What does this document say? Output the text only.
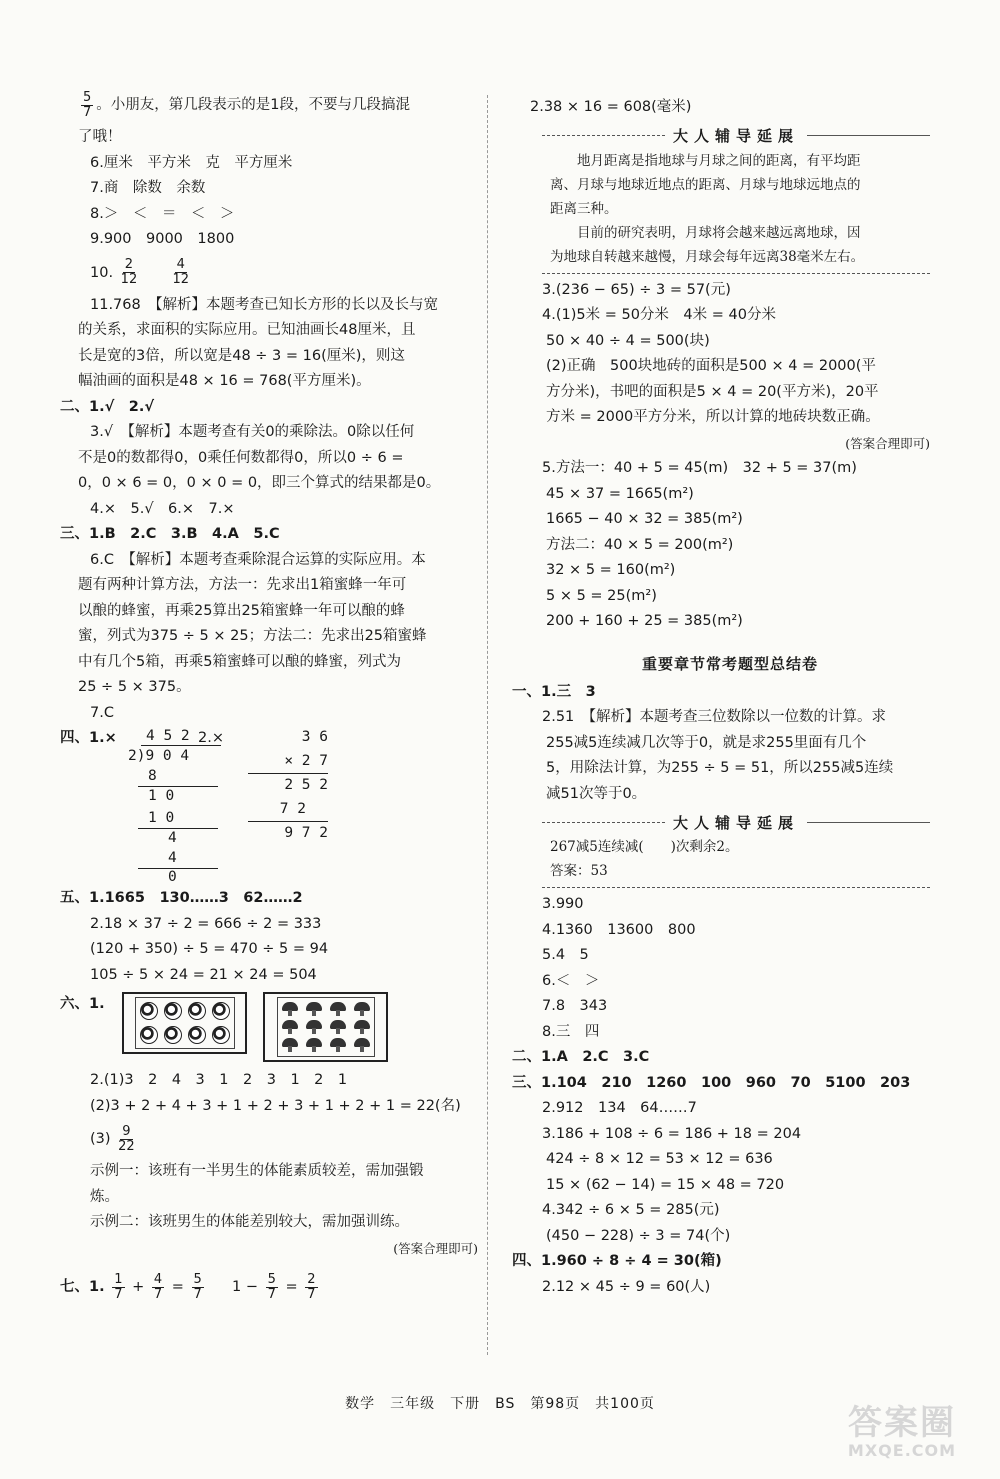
$\frac{5}{7}$ 。小朋友，第几段表示的是1段，不要与几段搞混
了哦！
6.厘米　平方米　克　平方厘米
7.商　除数　余数
8.＞　＜　＝　＜　＞
9.900　9000　1800
10. $\frac{2}{12}$
	$\frac{4}{12}$
11.768　【解析】本题考查已知长方形的长以及长与宽
的关系，求面积的实际应用。已知油画长48厘米，且
长是宽的3倍，所以宽是48 ÷ 3 = 16(厘米)，则这
幅油画的面积是48 × 16 = 768(平方厘米)。
二、1.√　2.√
3.√　【解析】本题考查有关0的乘除法。0除以任何
不是0的数都得0，0乘任何数都得0，所以0 ÷ 6 =
0，0 × 6 = 0，0 × 0 = 0，即三个算式的结果都是0。
4.×　5.√　6.×　7.×
三、1.B　2.C　3.B　4.A　5.C
6.C　【解析】本题考查乘除混合运算的实际应用。本
题有两种计算方法，方法一：先求出1箱蜜蜂一年可
以酿的蜂蜜，再乘25算出25箱蜜蜂一年可以酿的蜂
蜜，列式为375 ÷ 5 × 25；方法二：先求出25箱蜜蜂
中有几个5箱，再乘5箱蜜蜂可以酿的蜂蜜，列式为
25 ÷ 5 × 375。
7.C
四、1.×	2.×
4 5 2
2)9 0 4
8
1 0
1 0
4
4
0
3 6
× 2 7
2 5 2
7 2
9 7 2
五、1.1665　130……3　62……2
2.18 × 37 ÷ 2 = 666 ÷ 2 = 333
(120 + 350) ÷ 5 = 470 ÷ 5 = 94
105 ÷ 5 × 24 = 21 × 24 = 504
六、1.
2.(1)3　2　4　3　1　2　3　1　2　1
(2)3 + 2 + 4 + 3 + 1 + 2 + 3 + 1 + 2 + 1 = 22(名)
$(3) \frac{9}{22}$
示例一：该班有一半男生的体能素质较差，需加强锻
炼。
示例二：该班男生的体能差别较大，需加强训练。
(答案合理即可)
七、1. $\frac{1}{7} + \frac{4}{7} = \frac{5}{7} 1 - \frac{5}{7} = \frac{2}{7}$
2.38 × 16 = 608(毫米)
大人辅导延展
　　地月距离是指地球与月球之间的距离，有平均距
离、月球与地球近地点的距离、月球与地球远地点的
距离三种。
　　目前的研究表明，月球将会越来越远离地球，因
为地球自转越来越慢，月球会每年远离38毫米左右。
3.(236 − 65) ÷ 3 = 57(元)
4.(1)5米 = 50分米　4米 = 40分米
50 × 40 ÷ 4 = 500(块)
(2)正确　500块地砖的面积是500 × 4 = 2000(平
方分米)，书吧的面积是5 × 4 = 20(平方米)，20平
方米 = 2000平方分米，所以计算的地砖块数正确。
(答案合理即可)
5.方法一：40 + 5 = 45(m)　32 + 5 = 37(m)
45 × 37 = 1665(m²)
1665 − 40 × 32 = 385(m²)
方法二：40 × 5 = 200(m²)
32 × 5 = 160(m²)
5 × 5 = 25(m²)
200 + 160 + 25 = 385(m²)
重要章节常考题型总结卷
一、1.三　3
2.51　【解析】本题考查三位数除以一位数的计算。求
255减5连续减几次等于0，就是求255里面有几个
5，用除法计算，为255 ÷ 5 = 51，所以255减5连续
减51次等于0。
大人辅导延展
267减5连续减(　　)次剩余2。
答案：53
3.990
4.1360　13600　800
5.4　5
6.＜　＞
7.8　343
8.三　四
二、1.A　2.C　3.C
三、1.104　210　1260　100　960　70　5100　203
2.912　134　64……7
3.186 + 108 ÷ 6 = 186 + 18 = 204
424 ÷ 8 × 12 = 53 × 12 = 636
15 × (62 − 14) = 15 × 48 = 720
4.342 ÷ 6 × 5 = 285(元)
(450 − 228) ÷ 3 = 74(个)
四、1.960 ÷ 8 ÷ 4 = 30(箱)
2.12 × 45 ÷ 9 = 60(人)
数学　三年级　下册　BS　第98页　共100页	答案圈
MXQE.COM
